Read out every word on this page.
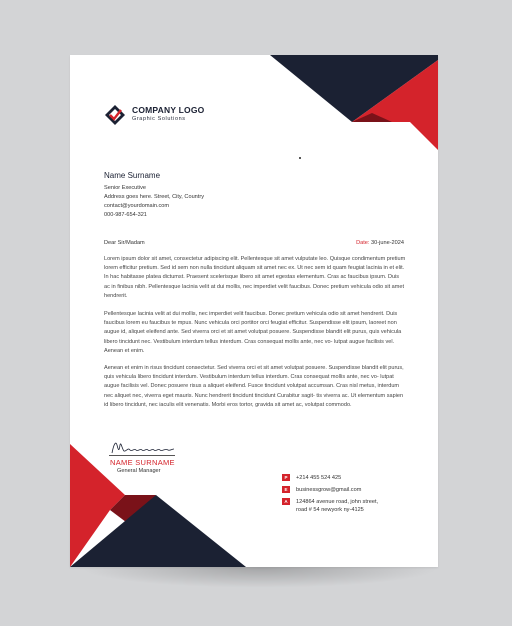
COMPANY LOGO
Graphic Solutions
Name Surname
Senior Executive
Address goes here. Street, City, Country
contact@yourdomain.com
000-987-654-321
Dear Sir/Madam	Date: 30-june-2024
Lorem ipsum dolor sit amet, consectetur adipiscing elit. Pellentesque sit amet vulputate leo. Quisque condimentum pretium lorem efficitur pretium. Sed id sem non nulla tincidunt aliquam sit amet nec ex. Ut nec sem id quam feugiat lacinia in et elit. In hac habitasse platea dictumst. Praesent scelerisque libero sit amet egestas elementum. Cras ac faucibus ipsum. Duis ac in finibus nibh. Pellentesque lacinia velit at dui mollis, nec imperdiet velit faucibus. Donec pretium vehicula odio sit amet hendrerit.
Pellentesque lacinia velit at dui mollis, nec imperdiet velit faucibus. Donec pretium vehicula odio sit amet hendrerit. Duis faucibus lorem eu faucibus te mpus. Nunc vehicula orci portitor orci feugiat efficitur. Suspendisse elit ipsum, laoreet non augue id, aliquet eleifend ante. Sed viverra orci et sit amet volutpat posuere. Suspendisse blandit elit purus, quis vehicula libero tincidunt nec. Vestibulum interdum tellus interdum. Cras consequat mollis ante, nec vo- lutpat augue facilisis vel. Aenean et enim.
Aenean et enim in risus tincidunt consectetur. Sed viverra orci et sit amet volutpat posuere. Suspendisse blandit elit purus, quis vehicula libero tincidunt interdum. Vestibulum interdum tellus interdum. Cras consequat mollis ante, nec vo- lutpat augue facilisis vel. Donec posuere risus a aliquet eleifend. Fusce tincidunt volutpat accumsan. Cras nisl metus, interdum nec aliquet nec, viverra eget mauris. Nunc hendrerit tincidunt tincidunt Curabitur sagit- tis viverra ac. Ut elementum sapien id libero tincidunt, nec iaculis elit venenatis. Morbi eros tortor, gravida sit amet ac, volutpat commodo.
NAME SURNAME
General Manager
P	+214 455 524 425
E	businessgrow@gmail.com
A	124864 avenue road, john street,
road # 54 newyork ny-4125
